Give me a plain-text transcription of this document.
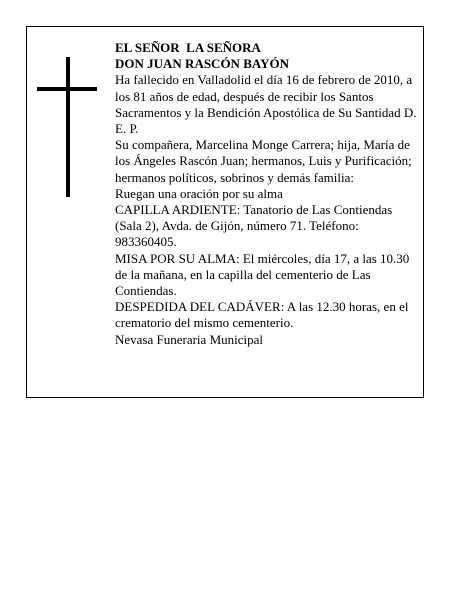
EL SEÑOR  LA SEÑORA

DON JUAN RASCÓN BAYÓN

Ha fallecido en Valladolid el día 16 de febrero de 2010, a los 81 años de edad, después de recibir los Santos Sacramentos y la Bendición Apostólica de Su Santidad D. E. P.

Su compañera, Marcelina Monge Carrera; hija, María de los Ángeles Rascón Juan; hermanos, Luis y Purificación; hermanos políticos, sobrinos y demás familia:

Ruegan una oración por su alma

CAPILLA ARDIENTE: Tanatorio de Las Contiendas (Sala 2), Avda. de Gijón, número 71. Teléfono: 983360405.

MISA POR SU ALMA: El miércoles, día 17, a las 10.30 de la mañana, en la capilla del cementerio de Las Contiendas.

DESPEDIDA DEL CADÁVER: A las 12.30 horas, en el crematorio del mismo cementerio.

Nevasa Funeraria Municipal
